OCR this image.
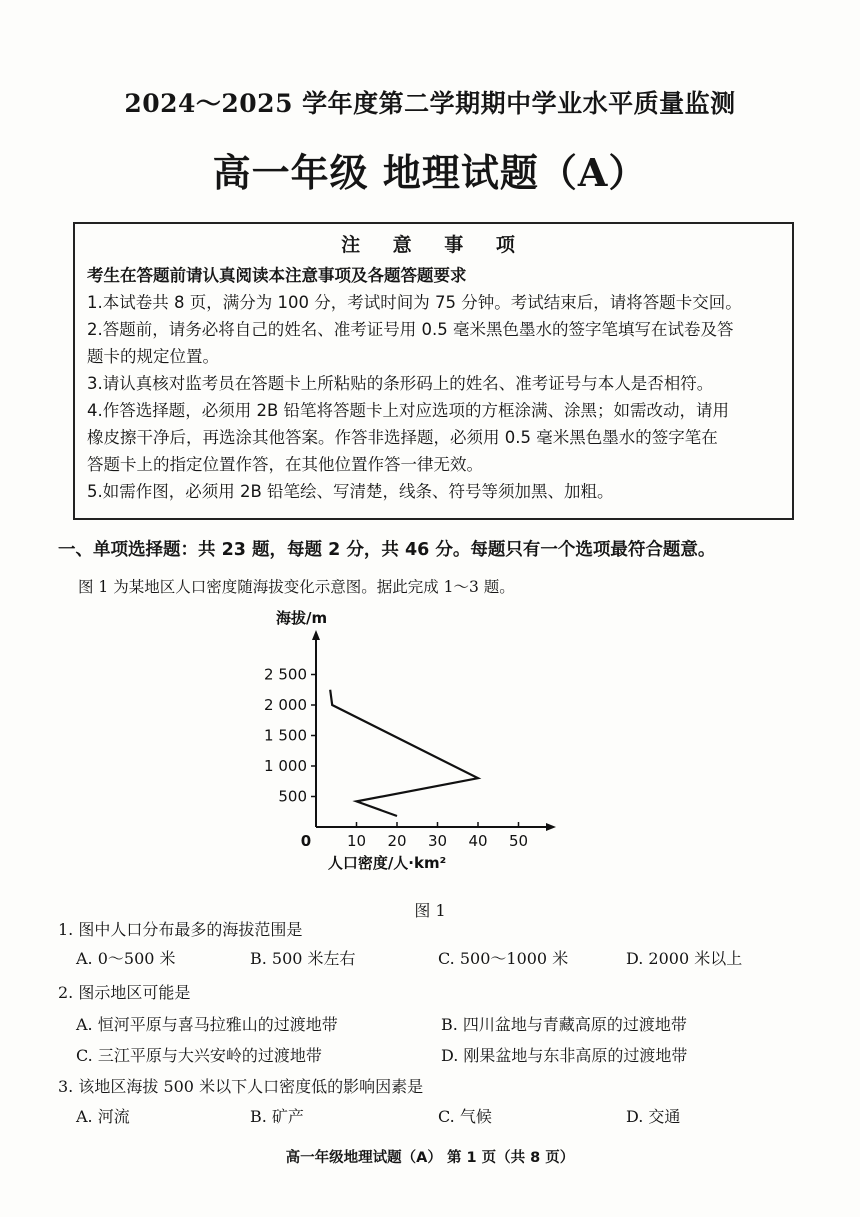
2024～2025 学年度第二学期期中学业水平质量监测
高一年级 地理试题（A）
注 意 事 项
考生在答题前请认真阅读本注意事项及各题答题要求
1.本试卷共 8 页，满分为 100 分，考试时间为 75 分钟。考试结束后，请将答题卡交回。
2.答题前，请务必将自己的姓名、准考证号用 0.5 毫米黑色墨水的签字笔填写在试卷及答
题卡的规定位置。
3.请认真核对监考员在答题卡上所粘贴的条形码上的姓名、准考证号与本人是否相符。
4.作答选择题，必须用 2B 铅笔将答题卡上对应选项的方框涂满、涂黑；如需改动，请用
橡皮擦干净后，再选涂其他答案。作答非选择题，必须用 0.5 毫米黑色墨水的签字笔在
答题卡上的指定位置作答，在其他位置作答一律无效。
5.如需作图，必须用 2B 铅笔绘、写清楚，线条、符号等须加黑、加粗。
一、单项选择题：共 23 题，每题 2 分，共 46 分。每题只有一个选项最符合题意。
图 1 为某地区人口密度随海拔变化示意图。据此完成 1～3 题。
500
1 000
1 500
2 000
2 500
0 10 20 30 40 50
海拔/m
人口密度/人·km²
图 1
1. 图中人口分布最多的海拔范围是
A. 0～500 米	B. 500 米左右	C. 500～1000 米	D. 2000 米以上
2. 图示地区可能是
A. 恒河平原与喜马拉雅山的过渡地带	B. 四川盆地与青藏高原的过渡地带
C. 三江平原与大兴安岭的过渡地带	D. 刚果盆地与东非高原的过渡地带
3. 该地区海拔 500 米以下人口密度低的影响因素是
A. 河流	B. 矿产	C. 气候	D. 交通
高一年级地理试题（A） 第 1 页（共 8 页）
